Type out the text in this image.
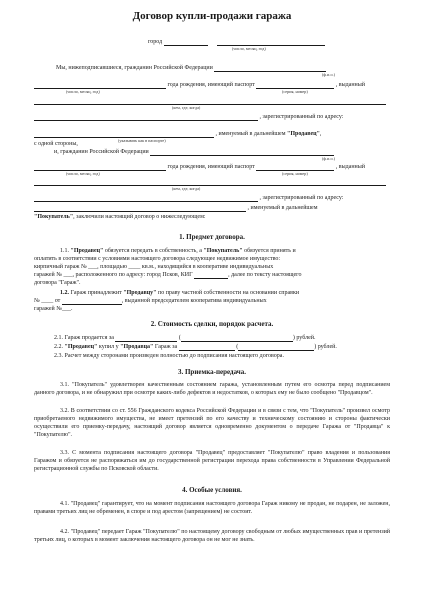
Договор купли-продажи гаража
город
(число, месяц, год)
Мы, нижеподписавшиеся, гражданин Российской Федерации
(ф.и.о.)
года рождения, имеющий паспорт	, выданный
(число, месяц, год)	(серия, номер)
(кем, где, когда)
, зарегистрированный по адресу:
, именуемый в дальнейшем "Продавец",
(указывать как в паспорте)
с одной стороны,
и, гражданин Российской Федерации
(ф.и.о.)
года рождения, имеющий паспорт	, выданный
(число, месяц, год)	(серия, номер)
(кем, где, когда)
, зарегистрированный по адресу:
, именуемый в дальнейшем
"Покупатель", заключили настоящий договор о нижеследующем:
1. Предмет договора.
1.1. "Продавец" обязуется передать в собственность, а "Покупатель" обязуется принять и
оплатить в соответствии с условиями настоящего договора следующее недвижимое имущество:
кирпичный гараж № ___, площадью ____ кв.м., находящийся в кооперативе индивидуальных
гаражей № ___, расположенного по адресу: город Псков, КИГ	, далее по тексту настоящего
договора "Гараж".
1.2. Гараж принадлежит "Продавцу" по праву частной собственности на основании справки
№ ____ от	, выданной председателем кооператива индивидуальных
гаражей №___.
2. Стоимость сделки, порядок расчета.
2.1. Гараж продается за	(	) рублей.
2.2. "Продавец" купил у "Продавца" Гараж за	(	) рублей.
2.3. Расчет между сторонами произведен полностью до подписания настоящего договора.
3. Приемка-передача.
3.1. "Покупатель" удовлетворен качественным состоянием гаража, установленным путем его осмотра перед подписанием данного договора, и не обнаружил при осмотре каких-либо дефектов и недостатков, о которых ему не было сообщено "Продавцом".
3.2. В соответствии со ст. 556 Гражданского кодекса Российской Федерации и в связи с тем, что "Покупатель" произвел осмотр приобретаемого недвижимого имущества, не имеет претензий по его качеству и техническому состоянию и стороны фактически осуществили его приемку-передачу, настоящий договор является одновременно документом о передаче Гаража от "Продавца" к "Покупателю".
3.3. С момента подписания настоящего договора "Продавец" предоставляет "Покупателю" право владения и пользования Гаражом и обязуется не распоряжаться им до государственной регистрации перехода права собственности в Управлении Федеральной регистрационной службы по Псковской области.
4. Особые условия.
4.1. "Продавец" гарантирует, что на момент подписания настоящего договора Гараж никому не продан, не подарен, не заложен, правами третьих лиц не обременен, в споре и под арестом (запрещением) не состоит.
4.2. "Продавец" передает Гараж "Покупателю" по настоящему договору свободным от любых имущественных прав и претензий третьих лиц, о которых в момент заключения настоящего договора он не мог не знать.
